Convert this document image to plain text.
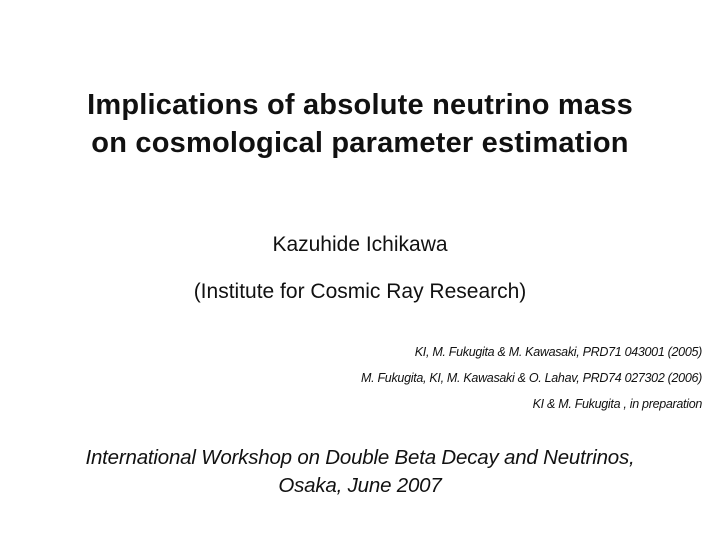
Implications of absolute neutrino mass
on cosmological parameter estimation
Kazuhide Ichikawa
(Institute for Cosmic Ray Research)
KI, M. Fukugita & M. Kawasaki, PRD71 043001 (2005)
M. Fukugita, KI, M. Kawasaki & O. Lahav, PRD74 027302 (2006)
KI & M. Fukugita , in preparation
International Workshop on Double Beta Decay and Neutrinos,
Osaka, June 2007
